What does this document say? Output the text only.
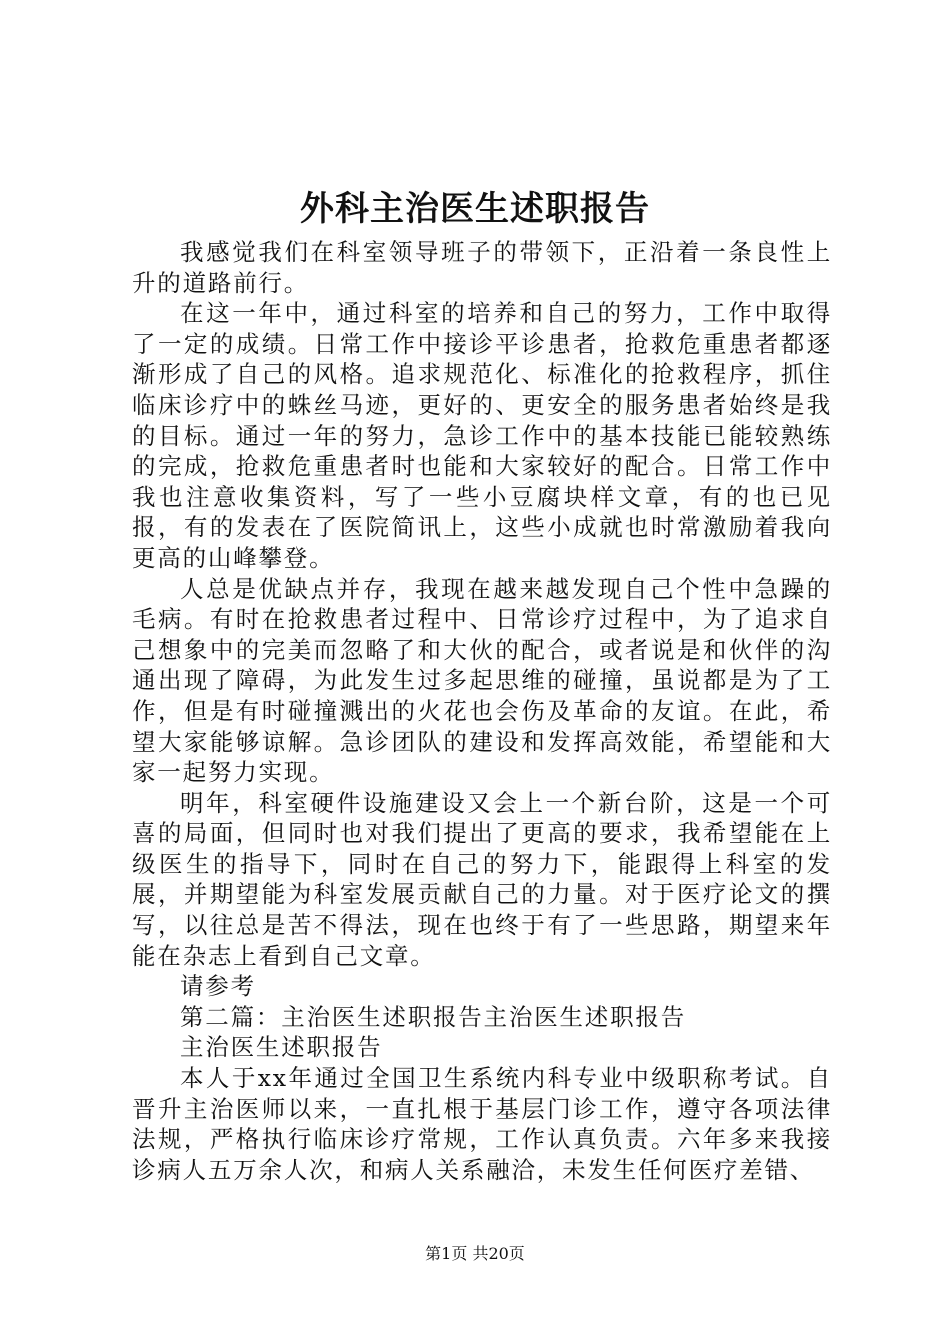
外科主治医生述职报告

我感觉我们在科室领导班子的带领下，正沿着一条良性上升的道路前行。

在这一年中，通过科室的培养和自己的努力，工作中取得了一定的成绩。日常工作中接诊平诊患者，抢救危重患者都逐渐形成了自己的风格。追求规范化、标准化的抢救程序，抓住临床诊疗中的蛛丝马迹，更好的、更安全的服务患者始终是我的目标。通过一年的努力，急诊工作中的基本技能已能较熟练的完成，抢救危重患者时也能和大家较好的配合。日常工作中我也注意收集资料，写了一些小豆腐块样文章，有的也已见报，有的发表在了医院简讯上，这些小成就也时常激励着我向更高的山峰攀登。

人总是优缺点并存，我现在越来越发现自己个性中急躁的毛病。有时在抢救患者过程中、日常诊疗过程中，为了追求自己想象中的完美而忽略了和大伙的配合，或者说是和伙伴的沟通出现了障碍，为此发生过多起思维的碰撞，虽说都是为了工作，但是有时碰撞溅出的火花也会伤及革命的友谊。在此，希望大家能够谅解。急诊团队的建设和发挥高效能，希望能和大家一起努力实现。

明年，科室硬件设施建设又会上一个新台阶，这是一个可喜的局面，但同时也对我们提出了更高的要求，我希望能在上级医生的指导下，同时在自己的努力下，能跟得上科室的发展，并期望能为科室发展贡献自己的力量。对于医疗论文的撰写，以往总是苦不得法，现在也终于有了一些思路，期望来年能在杂志上看到自己文章。

请参考

第二篇：主治医生述职报告主治医生述职报告

主治医生述职报告

本人于xx年通过全国卫生系统内科专业中级职称考试。自晋升主治医师以来，一直扎根于基层门诊工作，遵守各项法律法规，严格执行临床诊疗常规，工作认真负责。六年多来我接诊病人五万余人次，和病人关系融洽，未发生任何医疗差错、

第1页 共20页
